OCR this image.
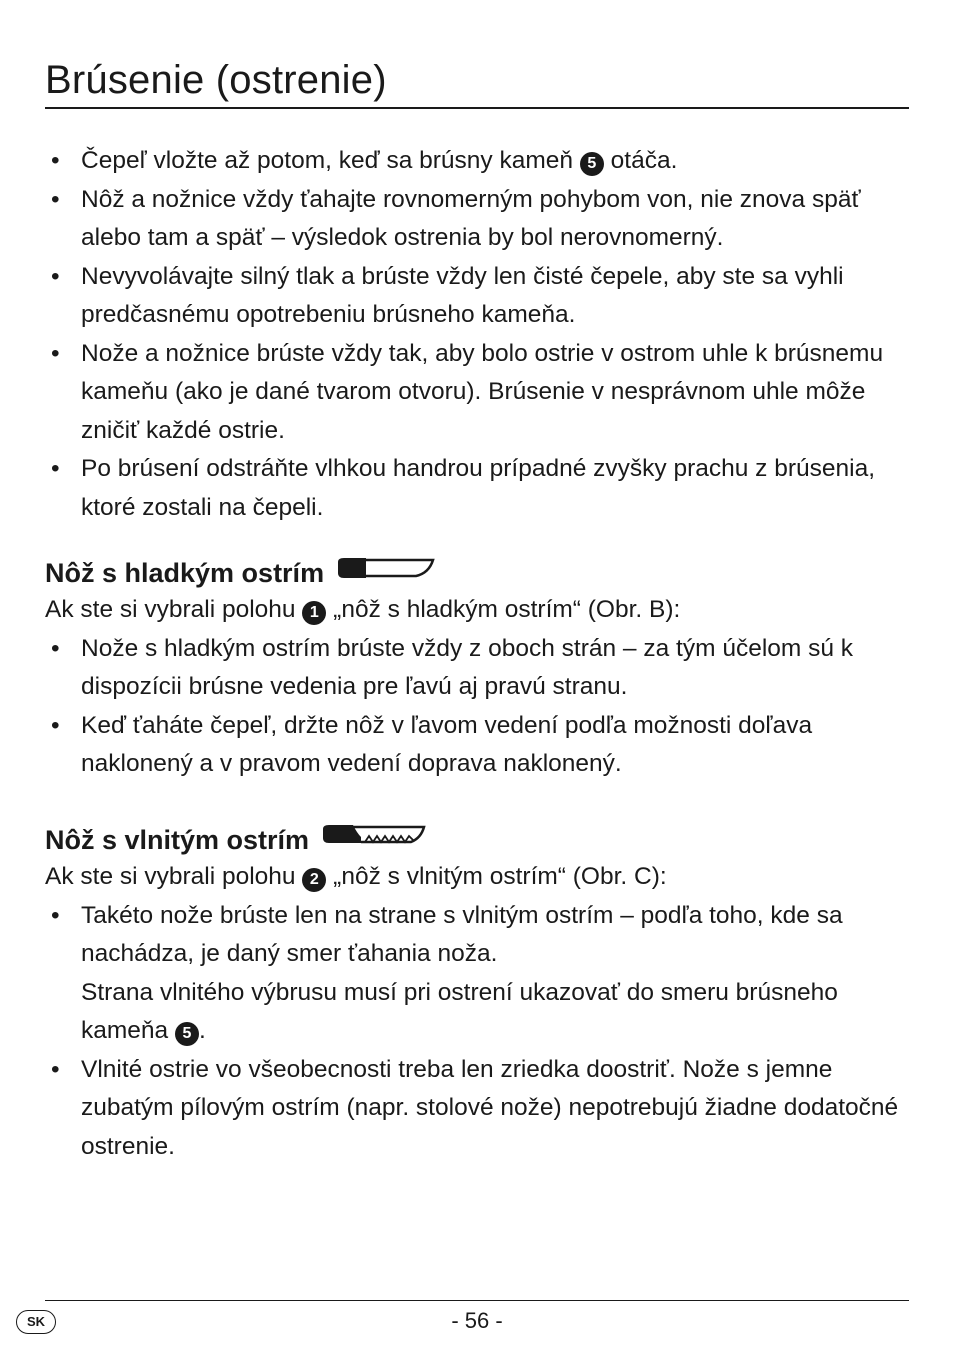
Brúsenie (ostrenie)
• Čepeľ vložte až potom, keď sa brúsny kameň 5 otáča.
• Nôž a nožnice vždy ťahajte rovnomerným pohybom von, nie znova späť alebo tam a späť – výsledok ostrenia by bol nerovnomerný.
• Nevyvolávajte silný tlak a brúste vždy len čisté čepele, aby ste sa vyhli predčasnému opotrebeniu brúsneho kameňa.
• Nože a nožnice brúste vždy tak, aby bolo ostrie v ostrom uhle k brúsnemu kameňu (ako je dané tvarom otvoru). Brúsenie v nesprávnom uhle môže zničiť každé ostrie.
• Po brúsení odstráňte vlhkou handrou prípadné zvyšky prachu z brúsenia, ktoré zostali na čepeli.
Nôž s hladkým ostrím

Ak ste si vybrali polohu 1 „nôž s hladkým ostrím“ (Obr. B):

• Nože s hladkým ostrím brúste vždy z oboch strán – za tým účelom sú k dispozícii brúsne vedenia pre ľavú aj pravú stranu.
• Keď ťaháte čepeľ, držte nôž v ľavom vedení podľa možnosti doľava naklonený a v pravom vedení doprava naklonený.
Nôž s vlnitým ostrím

Ak ste si vybrali polohu 2 „nôž s vlnitým ostrím“ (Obr. C):

• Takéto nože brúste len na strane s vlnitým ostrím – podľa toho, kde sa nachádza, je daný smer ťahania noža.
Strana vlnitého výbrusu musí pri ostrení ukazovať do smeru brúsneho kameňa 5 .
• Vlnité ostrie vo všeobecnosti treba len zriedka doostriť. Nože s jemne zubatým pílovým ostrím (napr. stolové nože) nepotrebujú žiadne dodatočné ostrenie.
SK	- 56 -
